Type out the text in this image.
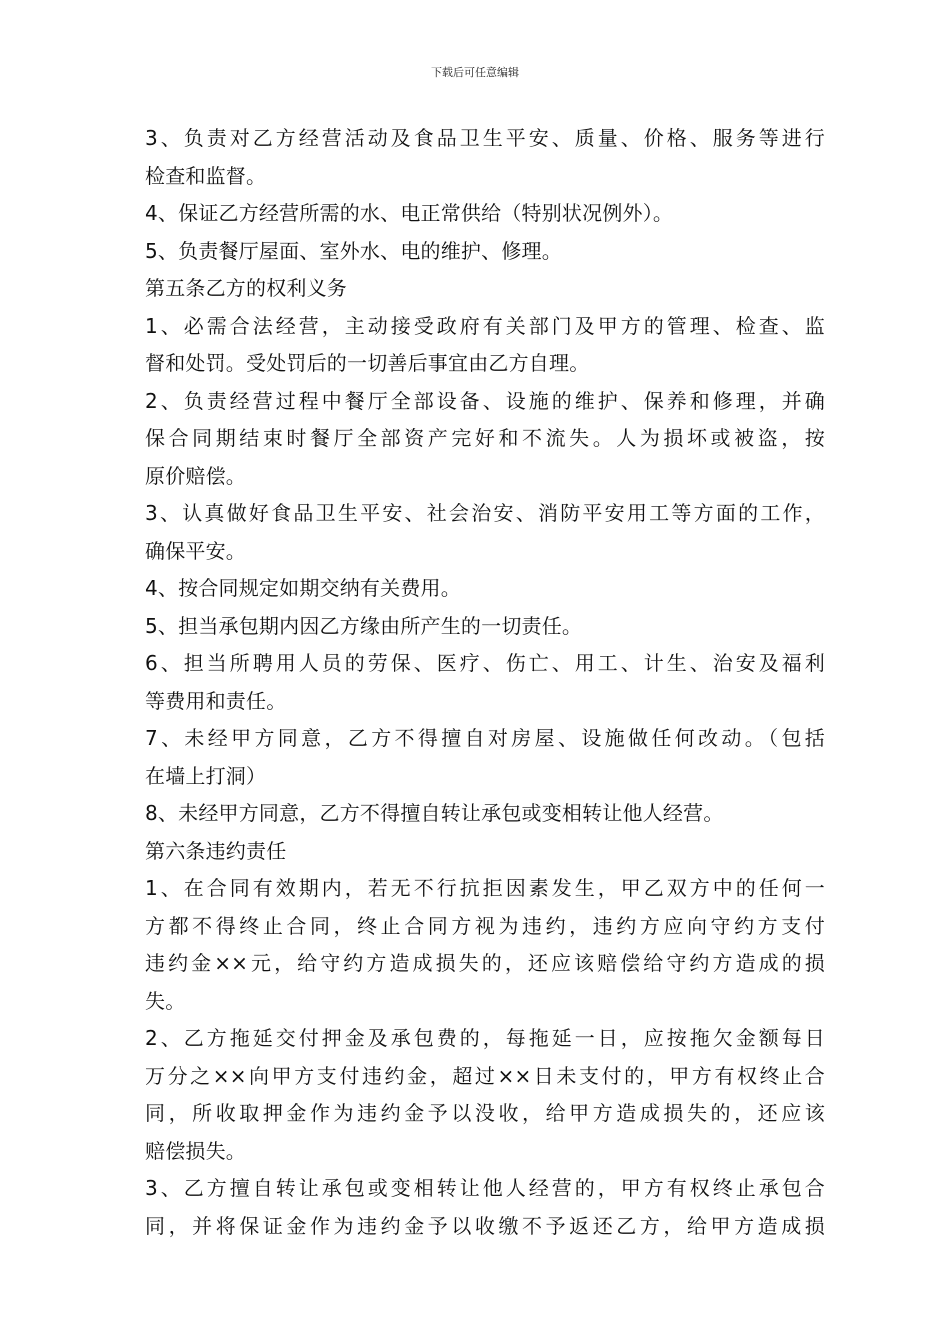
下载后可任意编辑
3、负责对乙方经营活动及食品卫生平安、质量、价格、服务等进行
检查和监督。
4、保证乙方经营所需的水、电正常供给（特别状况例外）。
5、负责餐厅屋面、室外水、电的维护、修理。
第五条乙方的权利义务
1、必需合法经营，主动接受政府有关部门及甲方的管理、检查、监
督和处罚。受处罚后的一切善后事宜由乙方自理。
2、负责经营过程中餐厅全部设备、设施的维护、保养和修理，并确
保合同期结束时餐厅全部资产完好和不流失。人为损坏或被盗，按
原价赔偿。
3、认真做好食品卫生平安、社会治安、消防平安用工等方面的工作，
确保平安。
4、按合同规定如期交纳有关费用。
5、担当承包期内因乙方缘由所产生的一切责任。
6、担当所聘用人员的劳保、医疗、伤亡、用工、计生、治安及福利
等费用和责任。
7、未经甲方同意，乙方不得擅自对房屋、设施做任何改动。（包括
在墙上打洞）
8、未经甲方同意，乙方不得擅自转让承包或变相转让他人经营。
第六条违约责任
1、在合同有效期内，若无不行抗拒因素发生，甲乙双方中的任何一
方都不得终止合同，终止合同方视为违约，违约方应向守约方支付
违约金××元，给守约方造成损失的，还应该赔偿给守约方造成的损
失。
2、乙方拖延交付押金及承包费的，每拖延一日，应按拖欠金额每日
万分之××向甲方支付违约金，超过××日未支付的，甲方有权终止合
同，所收取押金作为违约金予以没收，给甲方造成损失的，还应该
赔偿损失。
3、乙方擅自转让承包或变相转让他人经营的，甲方有权终止承包合
同，并将保证金作为违约金予以收缴不予返还乙方，给甲方造成损
